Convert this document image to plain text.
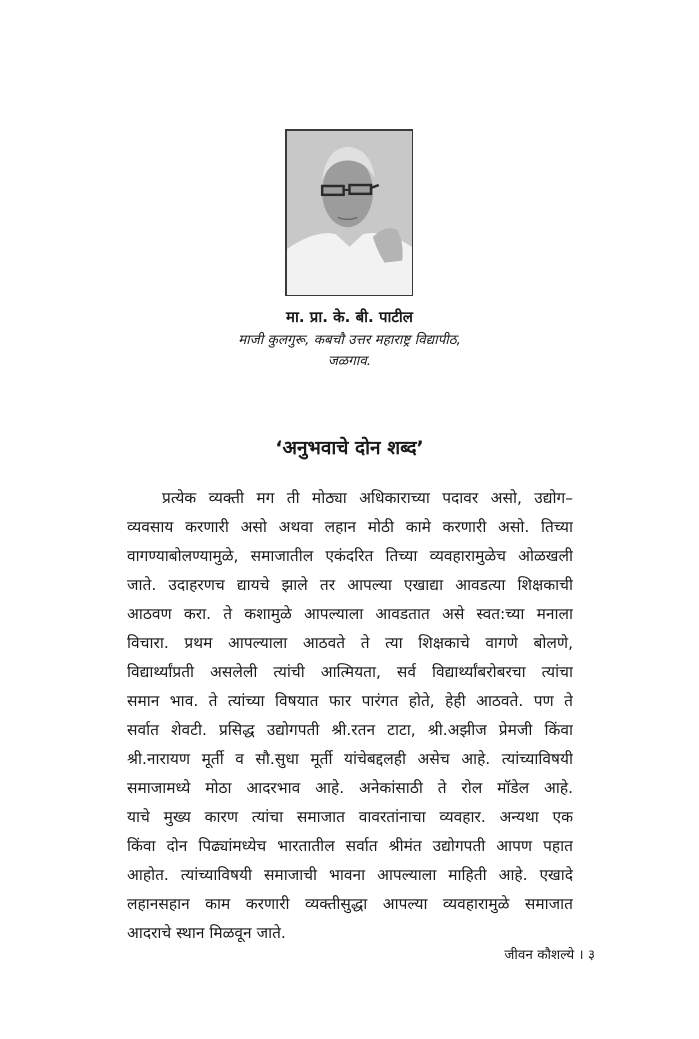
मा. प्रा. के. बी. पाटील
माजी कुलगुरू, कबचौ उत्तर महाराष्ट्र विद्यापीठ,
जळगाव.
‘अनुभवाचे दोन शब्द’
प्रत्येक व्यक्ती मग ती मोठ्या अधिकाराच्या पदावर असो, उद्योग–
व्यवसाय करणारी असो अथवा लहान मोठी कामे करणारी असो. तिच्या
वागण्याबोलण्यामुळे, समाजातील एकंदरित तिच्या व्यवहारामुळेच ओळखली
जाते. उदाहरणच द्यायचे झाले तर आपल्या एखाद्या आवडत्या शिक्षकाची
आठवण करा. ते कशामुळे आपल्याला आवडतात असे स्वत:च्या मनाला
विचारा. प्रथम आपल्याला आठवते ते त्या शिक्षकाचे वागणे बोलणे,
विद्यार्थ्यांप्रती असलेली त्यांची आत्मियता, सर्व विद्यार्थ्यांबरोबरचा त्यांचा
समान भाव. ते त्यांच्या विषयात फार पारंगत होते, हेही आठवते. पण ते
सर्वात शेवटी. प्रसिद्ध उद्योगपती श्री.रतन टाटा, श्री.अझीज प्रेमजी किंवा
श्री.नारायण मूर्ती व सौ.सुधा मूर्ती यांचेबद्दलही असेच आहे. त्यांच्याविषयी
समाजामध्ये मोठा आदरभाव आहे. अनेकांसाठी ते रोल मॉडेल आहे.
याचे मुख्य कारण त्यांचा समाजात वावरतांनाचा व्यवहार. अन्यथा एक
किंवा दोन पिढ्यांमध्येच भारतातील सर्वात श्रीमंत उद्योगपती आपण पहात
आहोत. त्यांच्याविषयी समाजाची भावना आपल्याला माहिती आहे. एखादे
लहानसहान काम करणारी व्यक्तीसुद्धा आपल्या व्यवहारामुळे समाजात
आदराचे स्थान मिळवून जाते.
जीवन कौशल्ये । ३
